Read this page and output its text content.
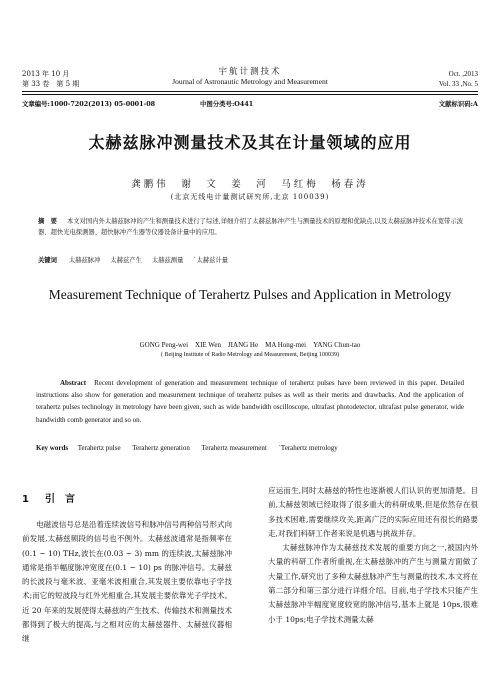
2013 年 10 月
第 33 卷　第 5 期
宇航计测技术
Journal of Astronautic Metrology and Measurement
Oct. ,2013
Vol. 33 ,No. 5
文章编号:1000-7202(2013) 05-0001-08	中图分类号:O441	文献标识码:A
太赫兹脉冲测量技术及其在计量领域的应用
龚鹏伟　谢　文　姜　河　马红梅　杨春涛
(北京无线电计量测试研究所,北京 100039)
摘　要 本文对国内外太赫兹脉冲的产生和测量技术进行了综述,详细介绍了太赫兹脉冲产生与测量技术的原理和优缺点,以及太赫兹脉冲技术在宽带示波器、超快光电探测器、超快脉冲产生器等仪器设备计量中的应用。
关键词 太赫兹脉冲 太赫兹产生 太赫兹测量 `太赫兹计量
Measurement Technique of Terahertz Pulses and Application in Metrology
GONG Peng-wei　XIE Wen　JIANG He　MA Hong-mei　YANG Chun-tao
( Beijing Institute of Radio Metrology and Measurement, Beijing 100039)
Abstract Recent development of generation and measurement technique of terahertz pulses have been reviewed in this paper. Detailed instructions also show for generation and measurement technique of terahertz pulses as well as their merits and drawbacks. And the application of terahertz pulses technology in metrology have been given, such as wide bandwidth oscilloscope, ultrafast photodetector, ultrafast pulse generator, wide bandwidth comb generator and so on.
Key words Terahertz pulse Terahertz generation Terahertz measurement `Terahertz metrology
1 引　言

电磁波信号总是沿着连续波信号和脉冲信号两种信号形式向前发展,太赫兹频段的信号也不例外。太赫兹波通常是指频率在(0.1 ~ 10) THz,波长在(0.03 ~ 3) mm 的连续波,太赫兹脉冲通常是指半幅度脉冲宽度在(0.1 ~ 10) ps 的脉冲信号。太赫兹的长波段与毫米波、亚毫米波相重合,其发展主要依靠电子学技术;而它的短波段与红外光相重合,其发展主要依靠光子学技术。近 20 年来的发展使得太赫兹的产生技术、传输技术和测量技术都得到了极大的提高,与之相对应的太赫兹器件、太赫兹仪器相继

应运而生,同时太赫兹的特性也逐渐被人们认识的更加清楚。目前,太赫兹领域已经取得了很多重大的科研成果,但是依然存在很多技术困难,需要继续攻关,距离广泛的实际应用还有很长的路要走,对我们科研工作者来说是机遇与挑战并存。

太赫兹脉冲作为太赫兹技术发展的重要方向之一,被国内外大量的科研工作者所重视,在太赫兹脉冲的产生与测量方面做了大量工作,研究出了多种太赫兹脉冲产生与测量的技术,本文将在第二部分和第三部分进行详细介绍。目前,电子学技术只能产生太赫兹脉冲半幅度宽度较宽的脉冲信号,基本上就是 10ps,很难小于 10ps;电子学技术测量太赫
